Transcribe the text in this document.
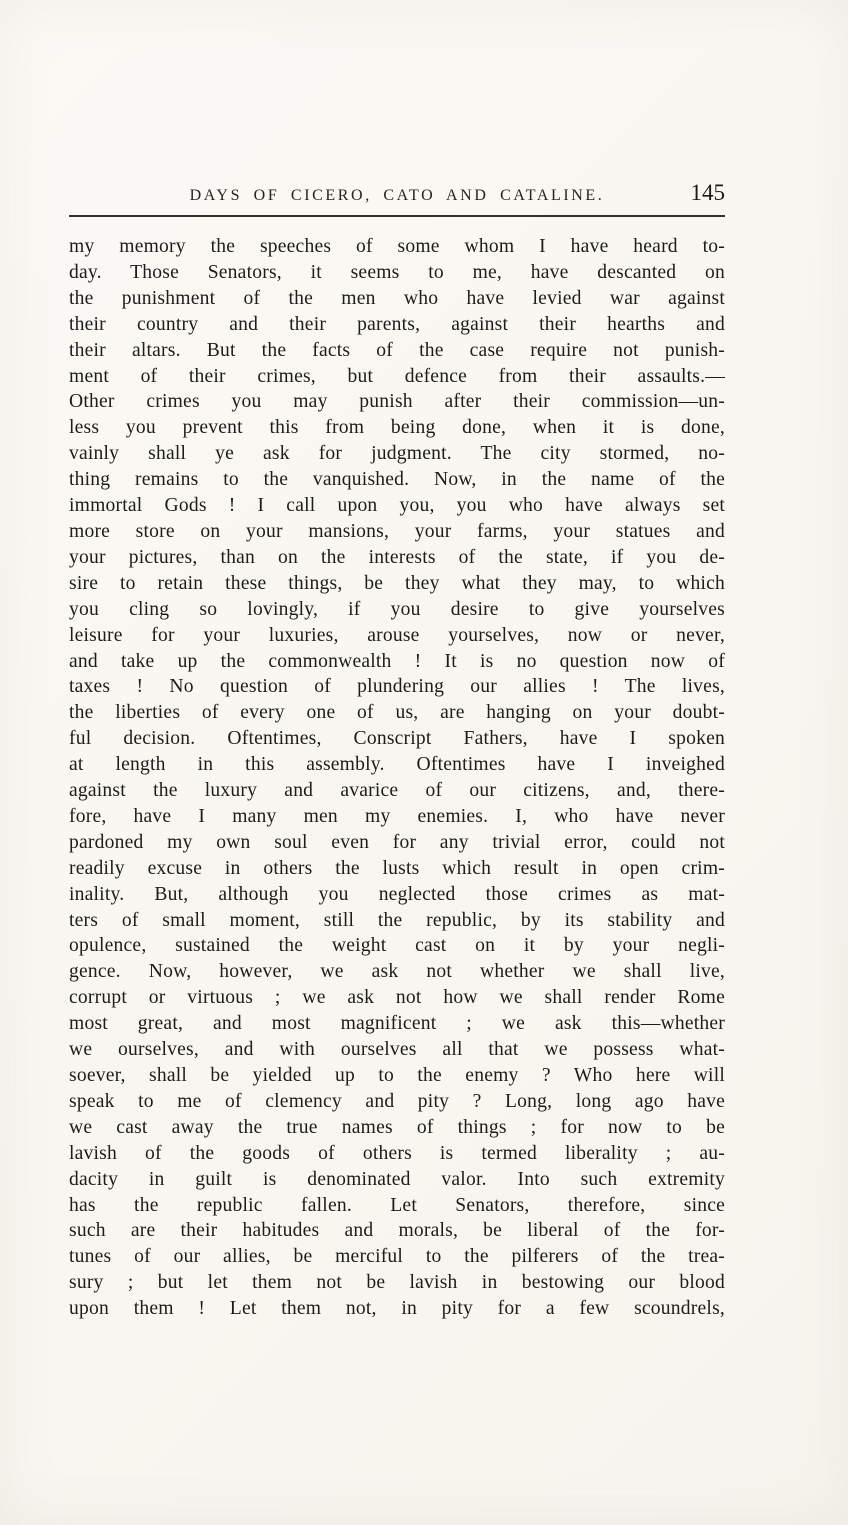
DAYS OF CICERO, CATO AND CATALINE.	145
my memory the speeches of some whom I have heard to-
day. Those Senators, it seems to me, have descanted on
the punishment of the men who have levied war against
their country and their parents, against their hearths and
their altars. But the facts of the case require not punish-
ment of their crimes, but defence from their assaults.—
Other crimes you may punish after their commission—un-
less you prevent this from being done, when it is done,
vainly shall ye ask for judgment. The city stormed, no-
thing remains to the vanquished. Now, in the name of the
immortal Gods ! I call upon you, you who have always set
more store on your mansions, your farms, your statues and
your pictures, than on the interests of the state, if you de-
sire to retain these things, be they what they may, to which
you cling so lovingly, if you desire to give yourselves
leisure for your luxuries, arouse yourselves, now or never,
and take up the commonwealth ! It is no question now of
taxes ! No question of plundering our allies ! The lives,
the liberties of every one of us, are hanging on your doubt-
ful decision. Oftentimes, Conscript Fathers, have I spoken
at length in this assembly. Oftentimes have I inveighed
against the luxury and avarice of our citizens, and, there-
fore, have I many men my enemies. I, who have never
pardoned my own soul even for any trivial error, could not
readily excuse in others the lusts which result in open crim-
inality. But, although you neglected those crimes as mat-
ters of small moment, still the republic, by its stability and
opulence, sustained the weight cast on it by your negli-
gence. Now, however, we ask not whether we shall live,
corrupt or virtuous ; we ask not how we shall render Rome
most great, and most magnificent ; we ask this—whether
we ourselves, and with ourselves all that we possess what-
soever, shall be yielded up to the enemy ? Who here will
speak to me of clemency and pity ? Long, long ago have
we cast away the true names of things ; for now to be
lavish of the goods of others is termed liberality ; au-
dacity in guilt is denominated valor. Into such extremity
has the republic fallen. Let Senators, therefore, since
such are their habitudes and morals, be liberal of the for-
tunes of our allies, be merciful to the pilferers of the trea-
sury ; but let them not be lavish in bestowing our blood
upon them ! Let them not, in pity for a few scoundrels,
